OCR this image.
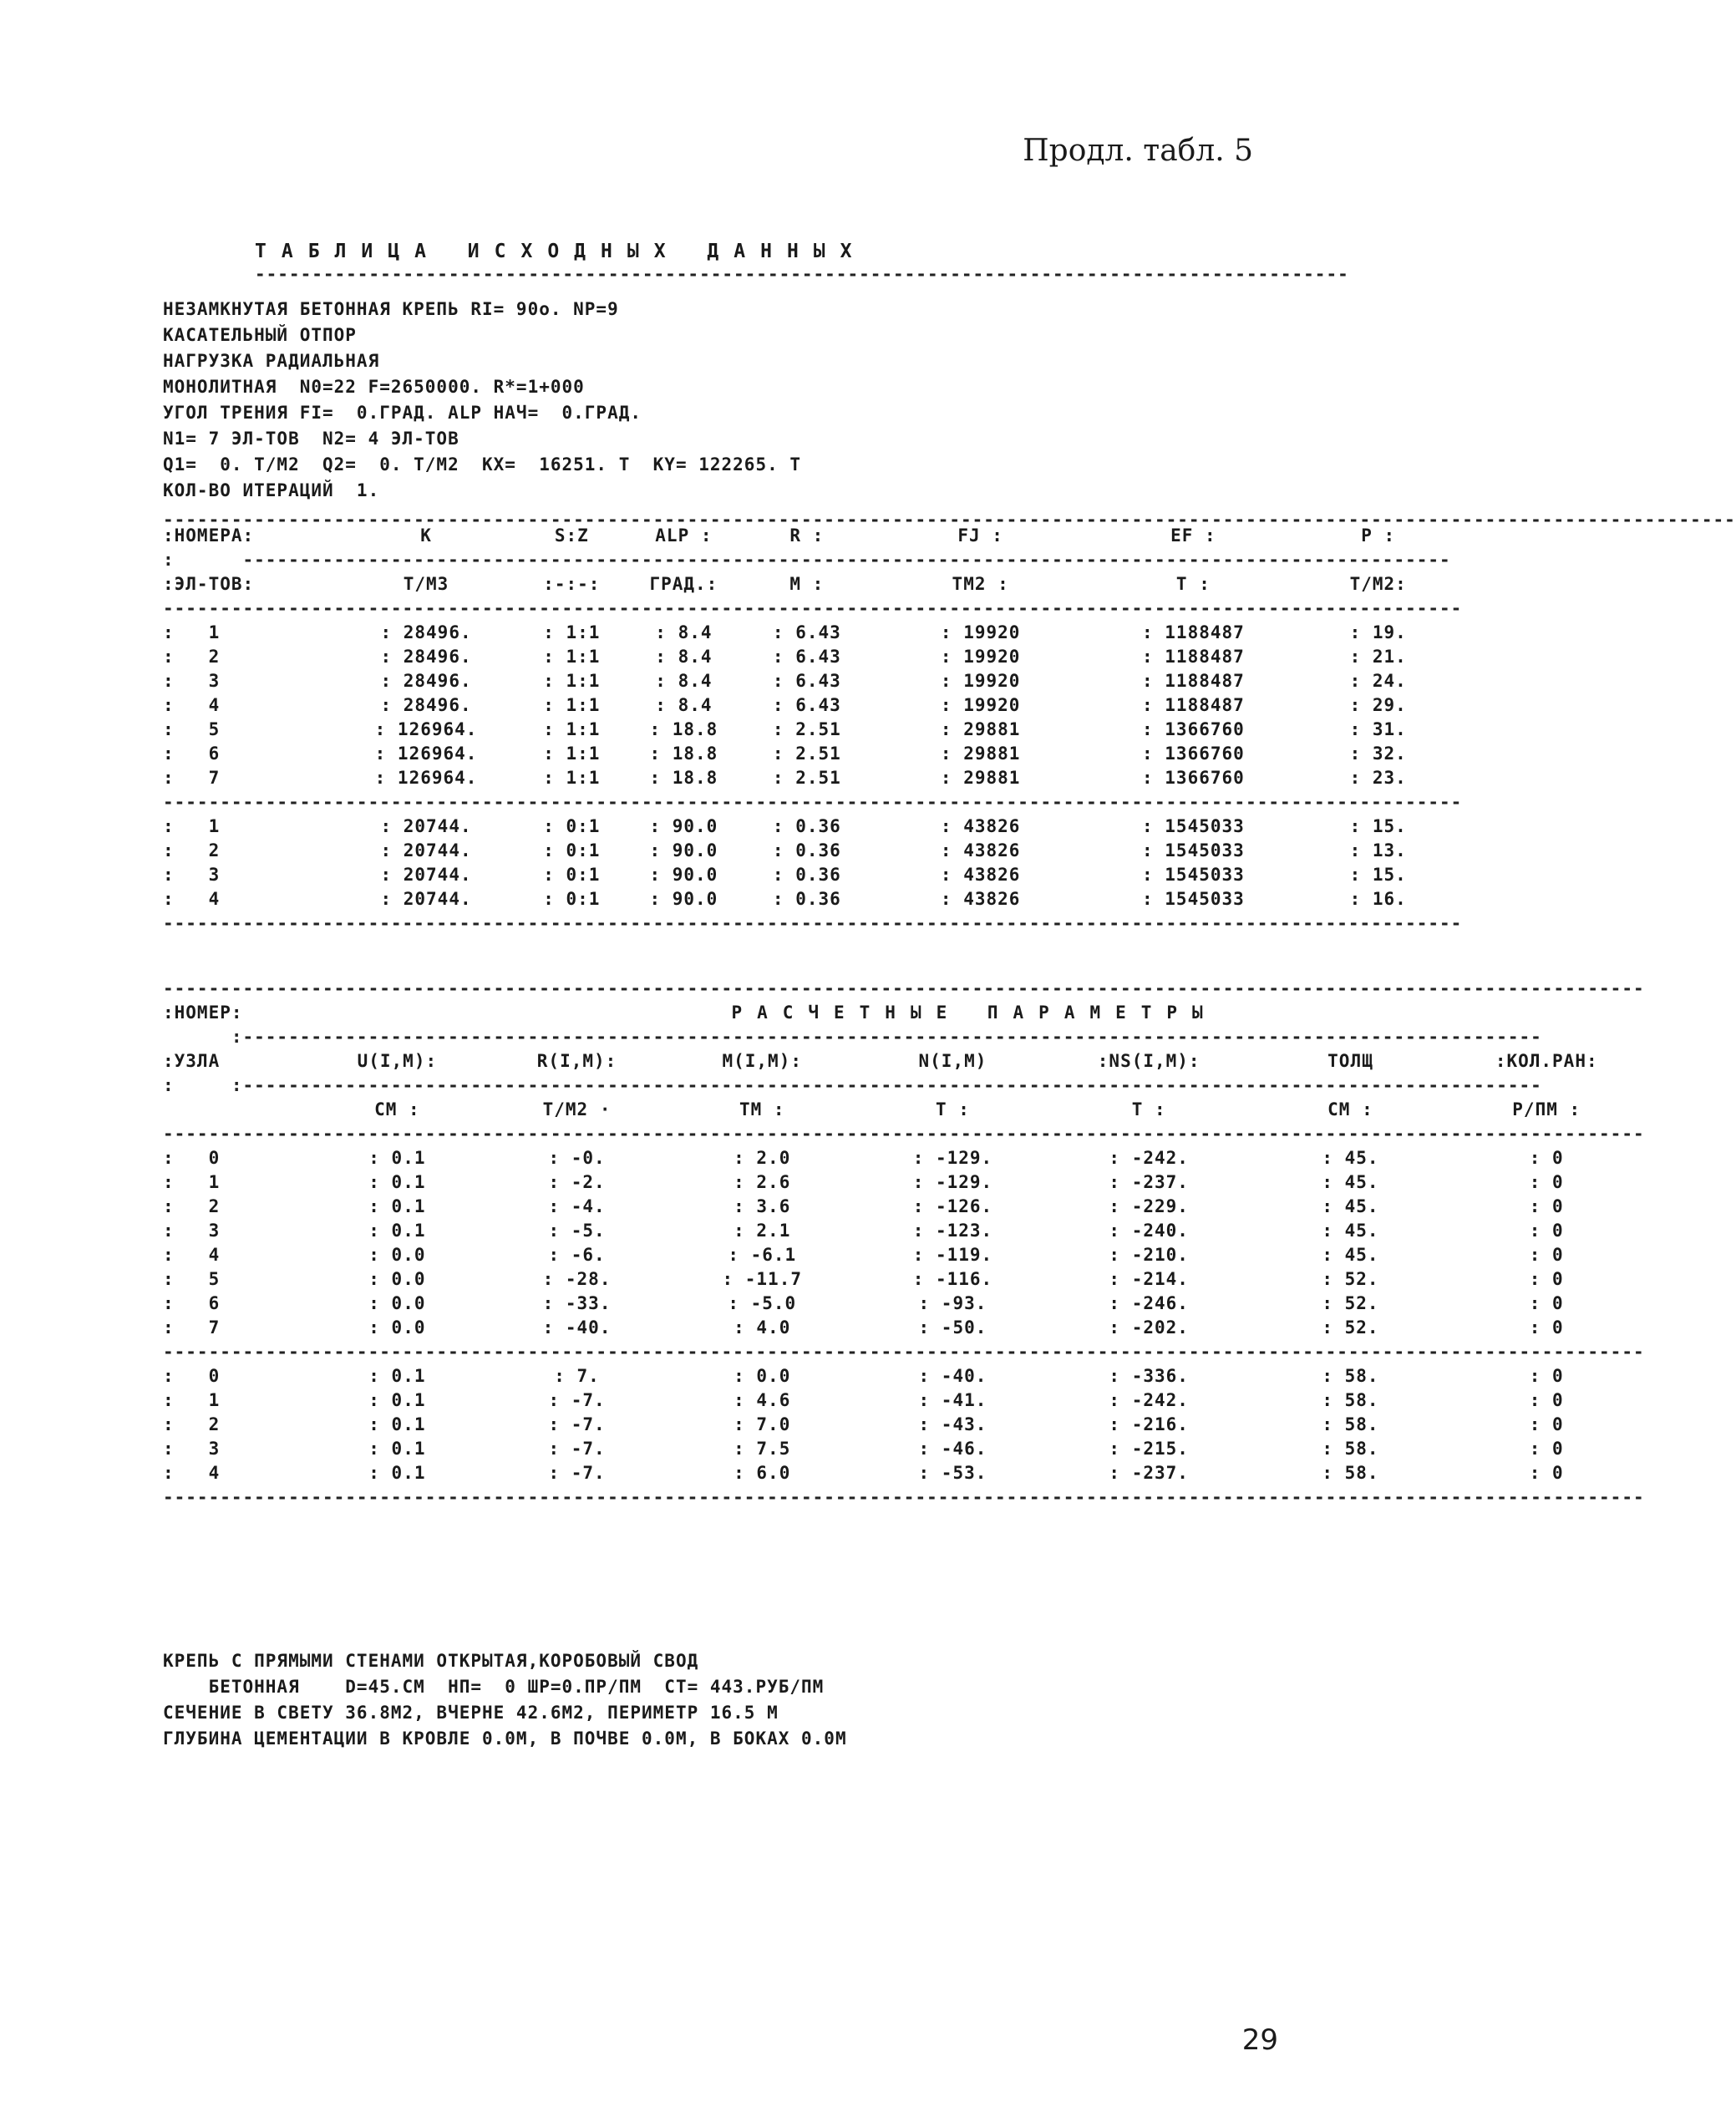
Продл. табл. 5
ТАБЛИЦА ИСХОДНЫХ ДАННЫХ
------------------------------------------------------------------------------------------------
НЕЗАМКНУТАЯ БЕТОННАЯ КРЕПЬ RI= 90о. NP=9
КАСАТЕЛЬНЫЙ ОТПОР
НАГРУЗКА РАДИАЛЬНАЯ
МОНОЛИТНАЯ  N0=22 F=2650000. R*=1+000
УГОЛ ТРЕНИЯ FI=  0.ГРАД. ALP НАЧ=  0.ГРАД.
N1= 7 ЭЛ-ТОВ  N2= 4 ЭЛ-ТОВ
Q1=  0. Т/М2  Q2=  0. Т/М2  KX=  16251. Т  KY= 122265. Т
КОЛ-ВО ИТЕРАЦИЙ  1.
------------------------------------------------------------------------------------------------------------------------------------------
:НОМЕРА:	K	S:Z	ALP :	R :	FJ :	EF :	P :
:      ----------------------------------------------------------------------------------------------------------							
:ЭЛ-ТОВ:	Т/М3	:-:-:	ГРАД.:	М :	ТМ2 :	Т :	Т/М2:
------------------------------------------------------------------------------------------------------------------							
:   1	: 28496.	: 1:1	: 8.4	: 6.43	: 19920	: 1188487	: 19.
:   2	: 28496.	: 1:1	: 8.4	: 6.43	: 19920	: 1188487	: 21.
:   3	: 28496.	: 1:1	: 8.4	: 6.43	: 19920	: 1188487	: 24.
:   4	: 28496.	: 1:1	: 8.4	: 6.43	: 19920	: 1188487	: 29.
:   5	: 126964.	: 1:1	: 18.8	: 2.51	: 29881	: 1366760	: 31.
:   6	: 126964.	: 1:1	: 18.8	: 2.51	: 29881	: 1366760	: 32.
:   7	: 126964.	: 1:1	: 18.8	: 2.51	: 29881	: 1366760	: 23.
------------------------------------------------------------------------------------------------------------------							
:   1	: 20744.	: 0:1	: 90.0	: 0.36	: 43826	: 1545033	: 15.
:   2	: 20744.	: 0:1	: 90.0	: 0.36	: 43826	: 1545033	: 13.
:   3	: 20744.	: 0:1	: 90.0	: 0.36	: 43826	: 1545033	: 15.
:   4	: 20744.	: 0:1	: 90.0	: 0.36	: 43826	: 1545033	: 16.
------------------------------------------------------------------------------------------------------------------							
----------------------------------------------------------------------------------------------------------------------------------							
:НОМЕР:	РАСЧЕТНЫЕ ПАРАМЕТРЫ						
:------------------------------------------------------------------------------------------------------------------							
:УЗЛА	U(I,M):	R(I,M):	M(I,M):	N(I,M)	:NS(I,M):	ТОЛЩ	:КОЛ.РАН:
:     :------------------------------------------------------------------------------------------------------------------							
	СМ :	Т/М2 ·	ТМ :	Т :	Т :	СМ :	Р/ПМ :
----------------------------------------------------------------------------------------------------------------------------------							
:   0	: 0.1	: -0.	: 2.0	: -129.	: -242.	: 45.	: 0
:   1	: 0.1	: -2.	: 2.6	: -129.	: -237.	: 45.	: 0
:   2	: 0.1	: -4.	: 3.6	: -126.	: -229.	: 45.	: 0
:   3	: 0.1	: -5.	: 2.1	: -123.	: -240.	: 45.	: 0
:   4	: 0.0	: -6.	: -6.1	: -119.	: -210.	: 45.	: 0
:   5	: 0.0	: -28.	: -11.7	: -116.	: -214.	: 52.	: 0
:   6	: 0.0	: -33.	: -5.0	: -93.	: -246.	: 52.	: 0
:   7	: 0.0	: -40.	: 4.0	: -50.	: -202.	: 52.	: 0
----------------------------------------------------------------------------------------------------------------------------------							
:   0	: 0.1	: 7.	: 0.0	: -40.	: -336.	: 58.	: 0
:   1	: 0.1	: -7.	: 4.6	: -41.	: -242.	: 58.	: 0
:   2	: 0.1	: -7.	: 7.0	: -43.	: -216.	: 58.	: 0
:   3	: 0.1	: -7.	: 7.5	: -46.	: -215.	: 58.	: 0
:   4	: 0.1	: -7.	: 6.0	: -53.	: -237.	: 58.	: 0
----------------------------------------------------------------------------------------------------------------------------------							
КРЕПЬ С ПРЯМЫМИ СТЕНАМИ ОТКРЫТАЯ,КОРОБОВЫЙ СВОД
БЕТОННАЯ    D=45.СМ  НП=  0 ШР=0.ПР/ПМ  СТ= 443.РУБ/ПМ
СЕЧЕНИЕ В СВЕТУ 36.8М2, ВЧЕРНЕ 42.6М2, ПЕРИМЕТР 16.5 М
ГЛУБИНА ЦЕМЕНТАЦИИ В КРОВЛЕ 0.0М, В ПОЧВЕ 0.0М, В БОКАХ 0.0М
29
